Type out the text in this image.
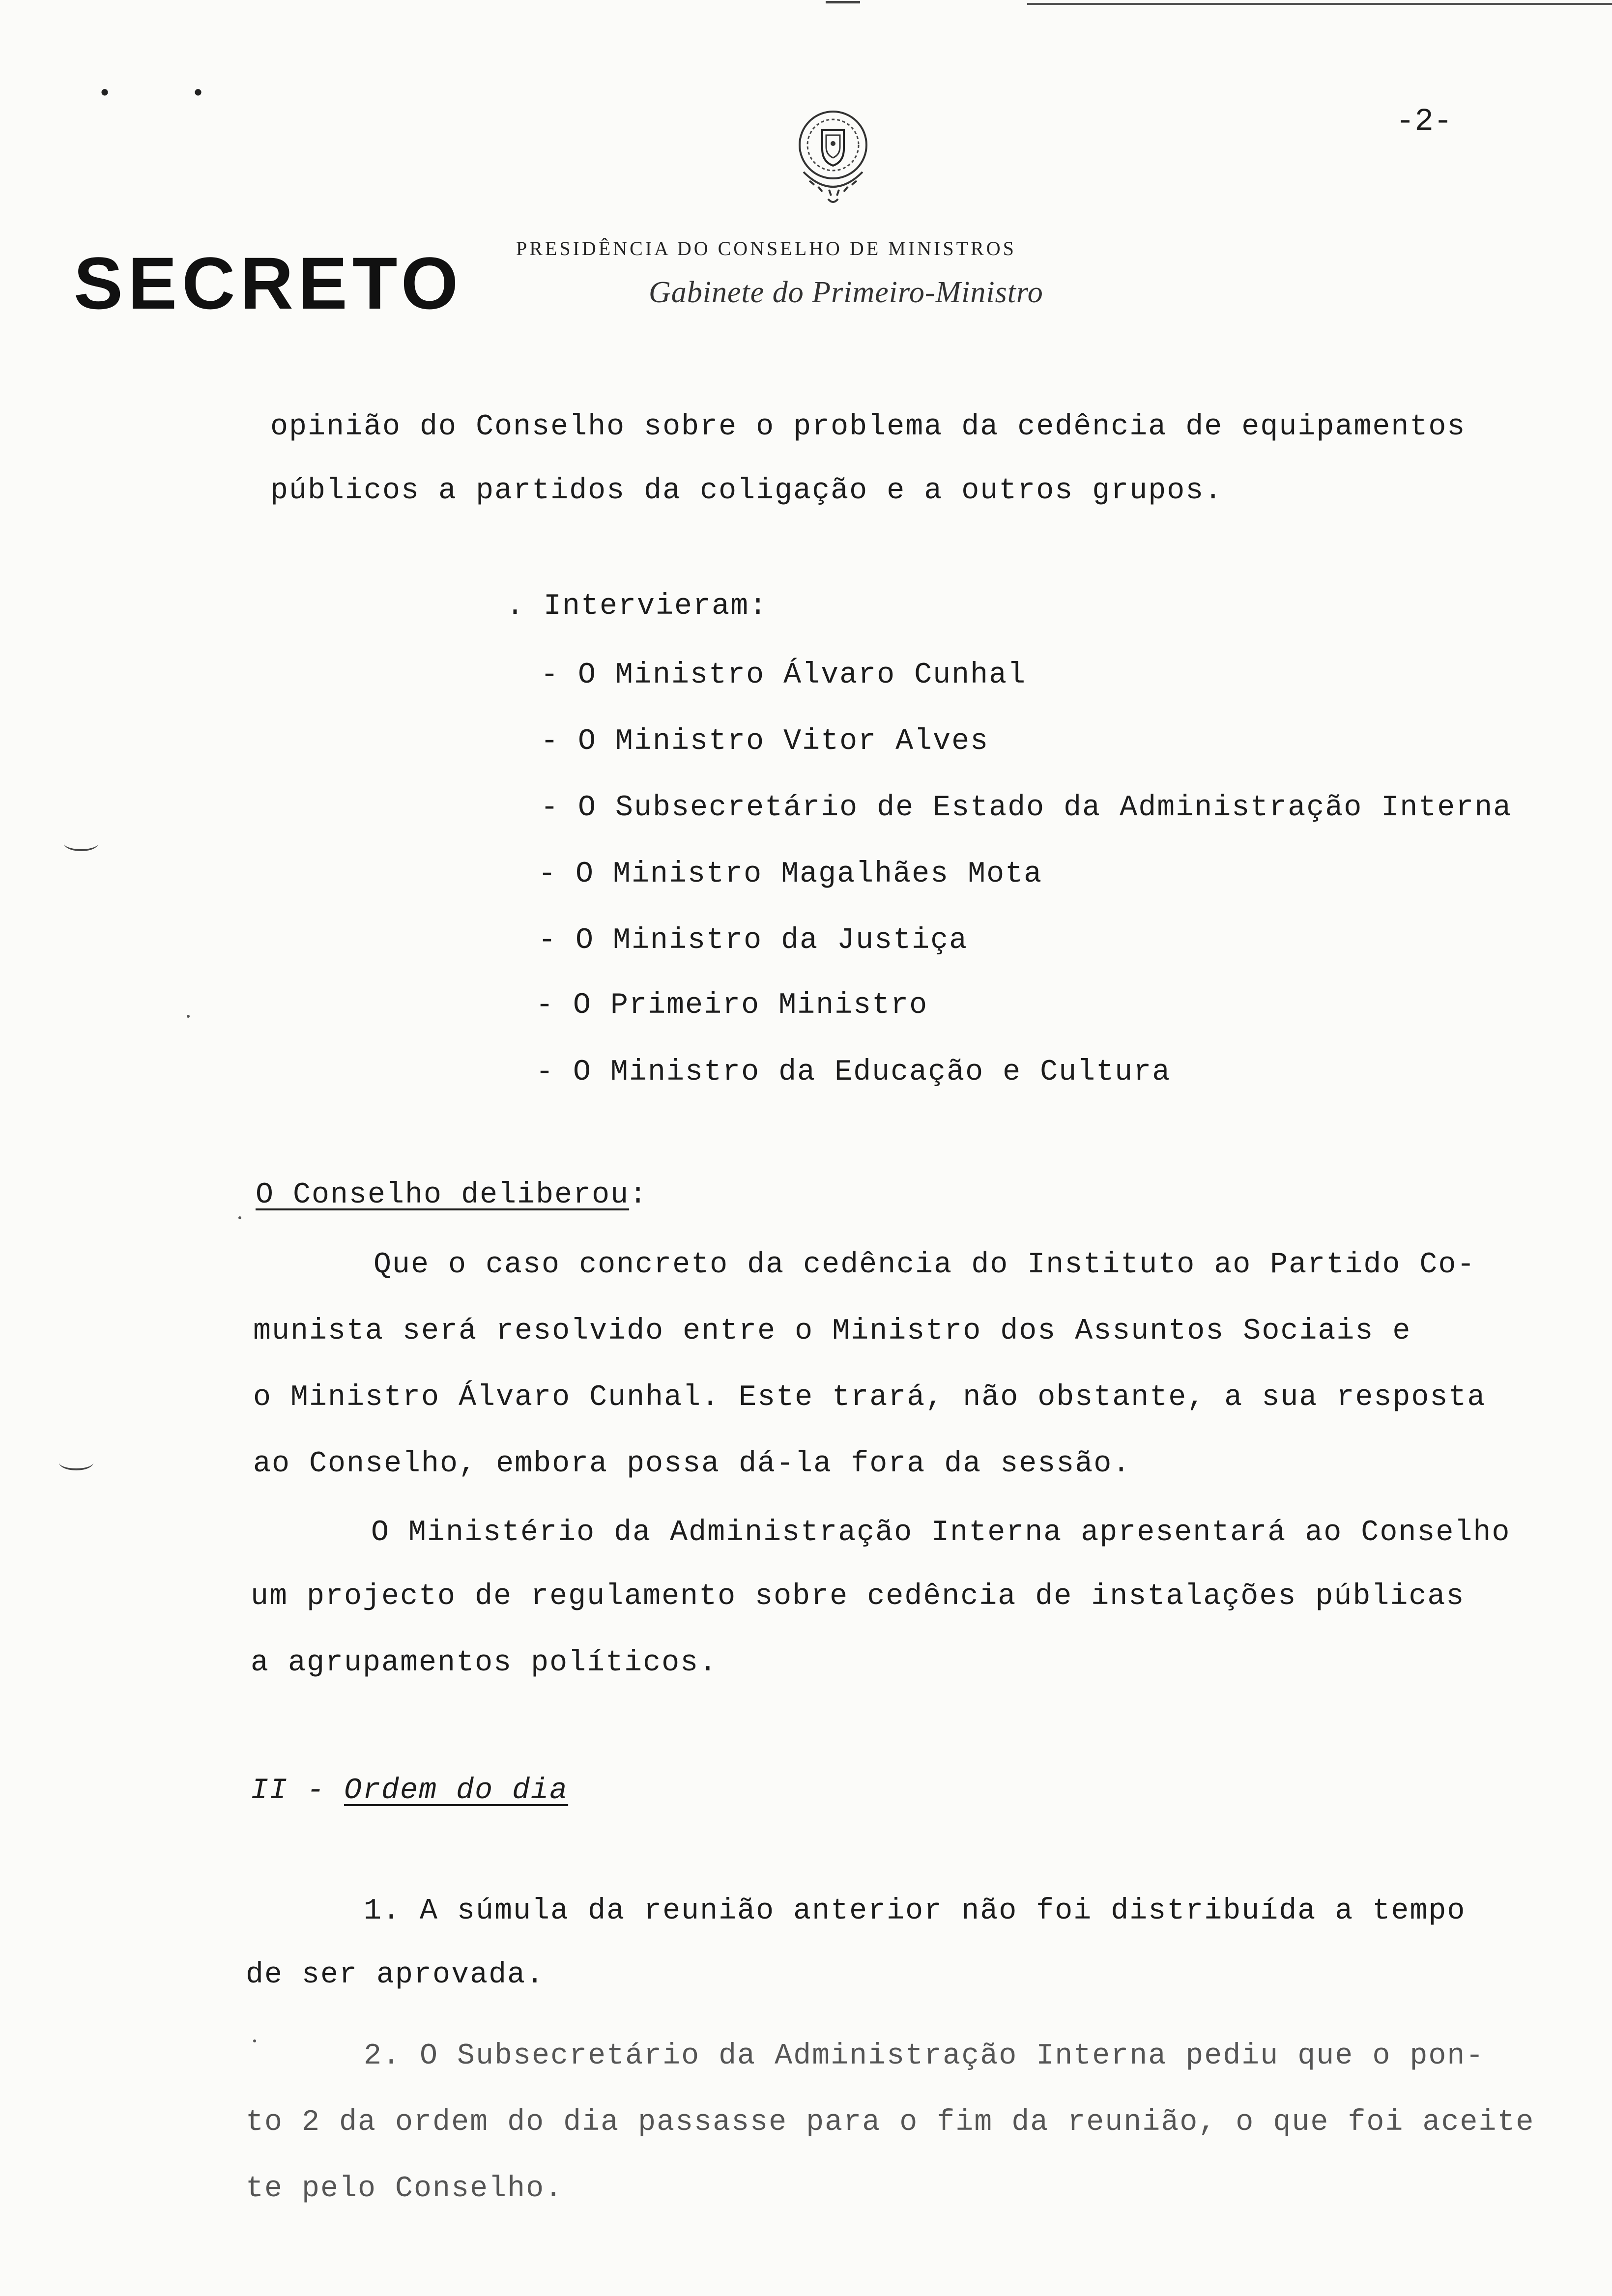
•	•
-2-
SECRETO	PRESIDÊNCIA DO CONSELHO DE MINISTROS
Gabinete do Primeiro-Ministro
opinião do Conselho sobre o problema da cedência de equipamentos
públicos a partidos da coligação e a outros grupos.
. Intervieram:
- O Ministro Álvaro Cunhal
- O Ministro Vitor Alves
- O Subsecretário de Estado da Administração Interna
- O Ministro Magalhães Mota
- O Ministro da Justiça
- O Primeiro Ministro
- O Ministro da Educação e Cultura
O Conselho deliberou:
Que o caso concreto da cedência do Instituto ao Partido Co-
munista será resolvido entre o Ministro dos Assuntos Sociais e
o Ministro Álvaro Cunhal. Este trará, não obstante, a sua resposta
ao Conselho, embora possa dá-la fora da sessão.
O Ministério da Administração Interna apresentará ao Conselho
um projecto de regulamento sobre cedência de instalações públicas
a agrupamentos políticos.
II - Ordem do dia
1. A súmula da reunião anterior não foi distribuída a tempo
de ser aprovada.
2. O Subsecretário da Administração Interna pediu que o pon-
to 2 da ordem do dia passasse para o fim da reunião, o que foi aceite
te pelo Conselho.
